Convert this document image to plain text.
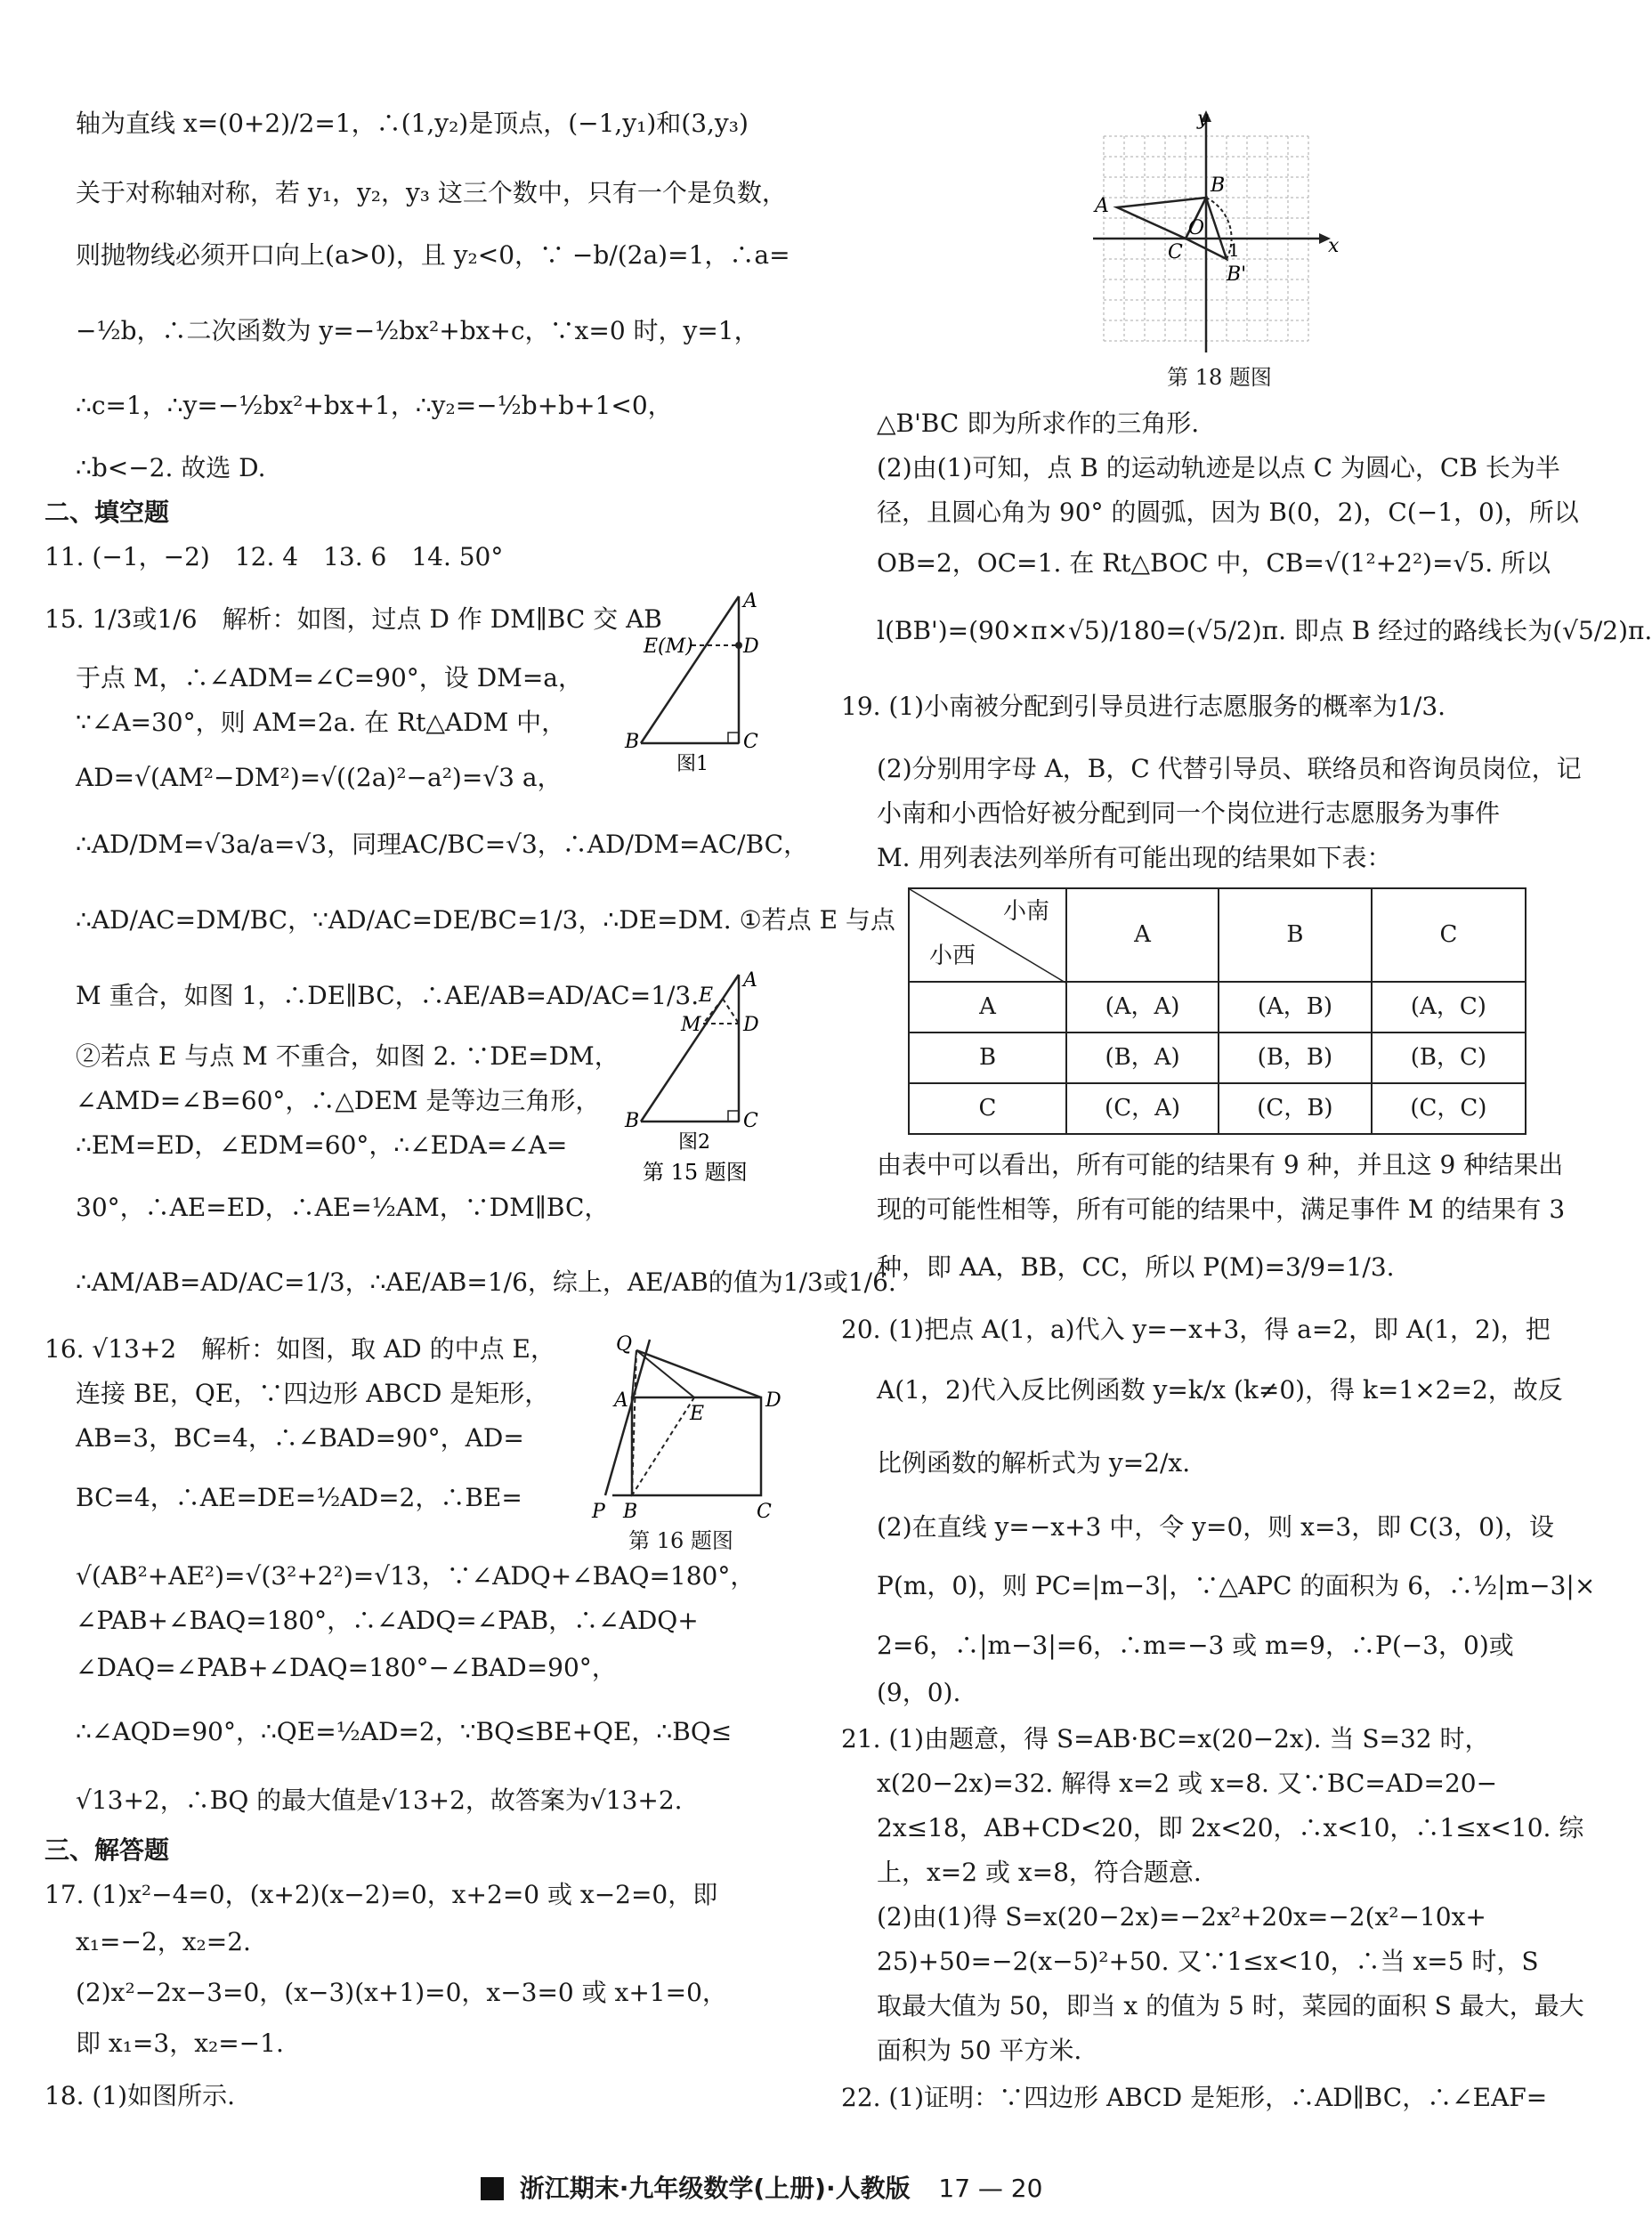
轴为直线 x=(0+2)/2=1，∴(1,y₂)是顶点，(−1,y₁)和(3,y₃)
关于对称轴对称，若 y₁，y₂，y₃ 这三个数中，只有一个是负数，
则抛物线必须开口向上(a>0)，且 y₂<0，∵ −b/(2a)=1，∴a=
−½b，∴二次函数为 y=−½bx²+bx+c，∵x=0 时，y=1，
∴c=1，∴y=−½bx²+bx+1，∴y₂=−½b+b+1<0，
∴b<−2. 故选 D.
二、填空题
11. (−1，−2)　12. 4　13. 6　14. 50°
15. 1/3或1/6　解析：如图，过点 D 作 DM∥BC 交 AB
于点 M，∴∠ADM=∠C=90°，设 DM=a，
∵∠A=30°，则 AM=2a. 在 Rt△ADM 中，
AD=√(AM²−DM²)=√((2a)²−a²)=√3 a，
∴AD/DM=√3a/a=√3，同理AC/BC=√3，∴AD/DM=AC/BC，
∴AD/AC=DM/BC，∵AD/AC=DE/BC=1/3，∴DE=DM. ①若点 E 与点
M 重合，如图 1，∴DE∥BC，∴AE/AB=AD/AC=1/3.
②若点 E 与点 M 不重合，如图 2. ∵DE=DM，
∠AMD=∠B=60°，∴△DEM 是等边三角形，
∴EM=ED，∠EDM=60°，∴∠EDA=∠A=
30°，∴AE=ED，∴AE=½AM，∵DM∥BC，
∴AM/AB=AD/AC=1/3，∴AE/AB=1/6，综上，AE/AB的值为1/3或1/6.
16. √13+2　解析：如图，取 AD 的中点 E，
连接 BE，QE，∵四边形 ABCD 是矩形，
AB=3，BC=4，∴∠BAD=90°，AD=
BC=4，∴AE=DE=½AD=2，∴BE=
√(AB²+AE²)=√(3²+2²)=√13，∵∠ADQ+∠BAQ=180°，
∠PAB+∠BAQ=180°，∴∠ADQ=∠PAB，∴∠ADQ+
∠DAQ=∠PAB+∠DAQ=180°−∠BAD=90°，
∴∠AQD=90°，∴QE=½AD=2，∵BQ≤BE+QE，∴BQ≤
√13+2，∴BQ 的最大值是√13+2，故答案为√13+2.
三、解答题
17. (1)x²−4=0，(x+2)(x−2)=0，x+2=0 或 x−2=0，即
x₁=−2，x₂=2.
(2)x²−2x−3=0，(x−3)(x+1)=0，x−3=0 或 x+1=0，
即 x₁=3，x₂=−1.
18. (1)如图所示.
E(M)
A
D
B	C
图1
A
E
M D
B	C
图2
第 15 题图
Q
A	D
E
P B	C
第 16 题图
y
x
B
A
O
C	1
B'
第 18 题图
△B'BC 即为所求作的三角形.
(2)由(1)可知，点 B 的运动轨迹是以点 C 为圆心，CB 长为半
径，且圆心角为 90° 的圆弧，因为 B(0，2)，C(−1，0)，所以
OB=2，OC=1. 在 Rt△BOC 中，CB=√(1²+2²)=√5. 所以
l(BB')=(90×π×√5)/180=(√5/2)π. 即点 B 经过的路线长为(√5/2)π.
19. (1)小南被分配到引导员进行志愿服务的概率为1/3.
(2)分别用字母 A，B，C 代替引导员、联络员和咨询员岗位，记
小南和小西恰好被分配到同一个岗位进行志愿服务为事件
M. 用列表法列举所有可能出现的结果如下表：
小南
小西	A	B	C
A	(A，A)	(A，B)	(A，C)
B	(B，A)	(B，B)	(B，C)
C	(C，A)	(C，B)	(C，C)
由表中可以看出，所有可能的结果有 9 种，并且这 9 种结果出
现的可能性相等，所有可能的结果中，满足事件 M 的结果有 3
种，即 AA，BB，CC，所以 P(M)=3/9=1/3.
20. (1)把点 A(1，a)代入 y=−x+3，得 a=2，即 A(1，2)，把
A(1，2)代入反比例函数 y=k/x (k≠0)，得 k=1×2=2，故反
比例函数的解析式为 y=2/x.
(2)在直线 y=−x+3 中，令 y=0，则 x=3，即 C(3，0)，设
P(m，0)，则 PC=|m−3|，∵△APC 的面积为 6，∴½|m−3|×
2=6，∴|m−3|=6，∴m=−3 或 m=9，∴P(−3，0)或
(9，0).
21. (1)由题意，得 S=AB·BC=x(20−2x). 当 S=32 时，
x(20−2x)=32. 解得 x=2 或 x=8. 又∵BC=AD=20−
2x≤18，AB+CD<20，即 2x<20，∴x<10，∴1≤x<10. 综
上，x=2 或 x=8，符合题意.
(2)由(1)得 S=x(20−2x)=−2x²+20x=−2(x²−10x+
25)+50=−2(x−5)²+50. 又∵1≤x<10，∴当 x=5 时，S
取最大值为 50，即当 x 的值为 5 时，菜园的面积 S 最大，最大
面积为 50 平方米.
22. (1)证明：∵四边形 ABCD 是矩形，∴AD∥BC，∴∠EAF=
浙江期末·九年级数学(上册)·人教版 17 — 20
